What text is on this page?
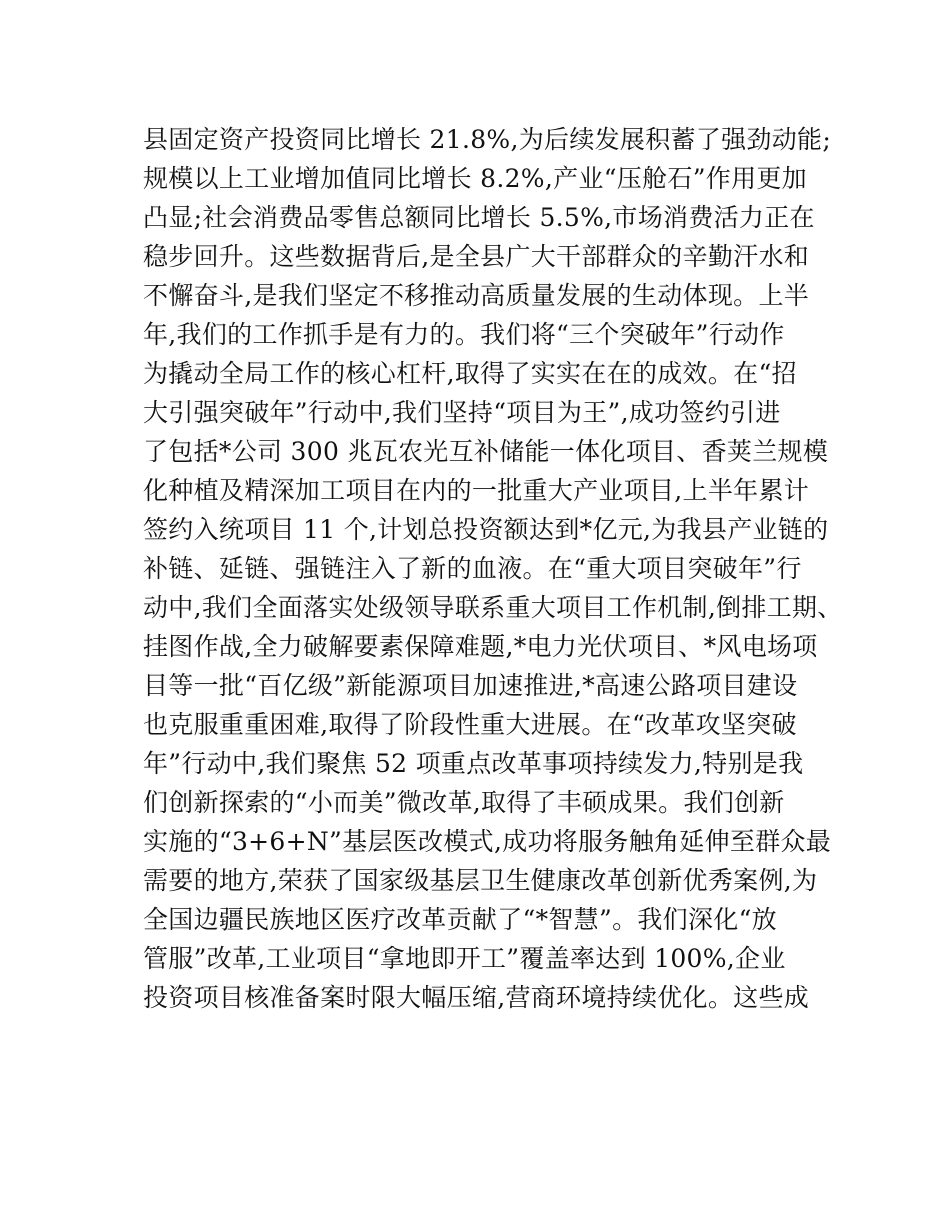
县固定资产投资同比增长 21.8%,为后续发展积蓄了强劲动能;
规模以上工业增加值同比增长 8.2%,产业“压舱石”作用更加
凸显;社会消费品零售总额同比增长 5.5%,市场消费活力正在
稳步回升。这些数据背后,是全县广大干部群众的辛勤汗水和
不懈奋斗,是我们坚定不移推动高质量发展的生动体现。上半
年,我们的工作抓手是有力的。我们将“三个突破年”行动作
为撬动全局工作的核心杠杆,取得了实实在在的成效。在“招
大引强突破年”行动中,我们坚持“项目为王”,成功签约引进
了包括*公司 300 兆瓦农光互补储能一体化项目、香荚兰规模
化种植及精深加工项目在内的一批重大产业项目,上半年累计
签约入统项目 11 个,计划总投资额达到*亿元,为我县产业链的
补链、延链、强链注入了新的血液。在“重大项目突破年”行
动中,我们全面落实处级领导联系重大项目工作机制,倒排工期、
挂图作战,全力破解要素保障难题,*电力光伏项目、*风电场项
目等一批“百亿级”新能源项目加速推进,*高速公路项目建设
也克服重重困难,取得了阶段性重大进展。在“改革攻坚突破
年”行动中,我们聚焦 52 项重点改革事项持续发力,特别是我
们创新探索的“小而美”微改革,取得了丰硕成果。我们创新
实施的“3+6+N”基层医改模式,成功将服务触角延伸至群众最
需要的地方,荣获了国家级基层卫生健康改革创新优秀案例,为
全国边疆民族地区医疗改革贡献了“*智慧”。我们深化“放
管服”改革,工业项目“拿地即开工”覆盖率达到 100%,企业
投资项目核准备案时限大幅压缩,营商环境持续优化。这些成
